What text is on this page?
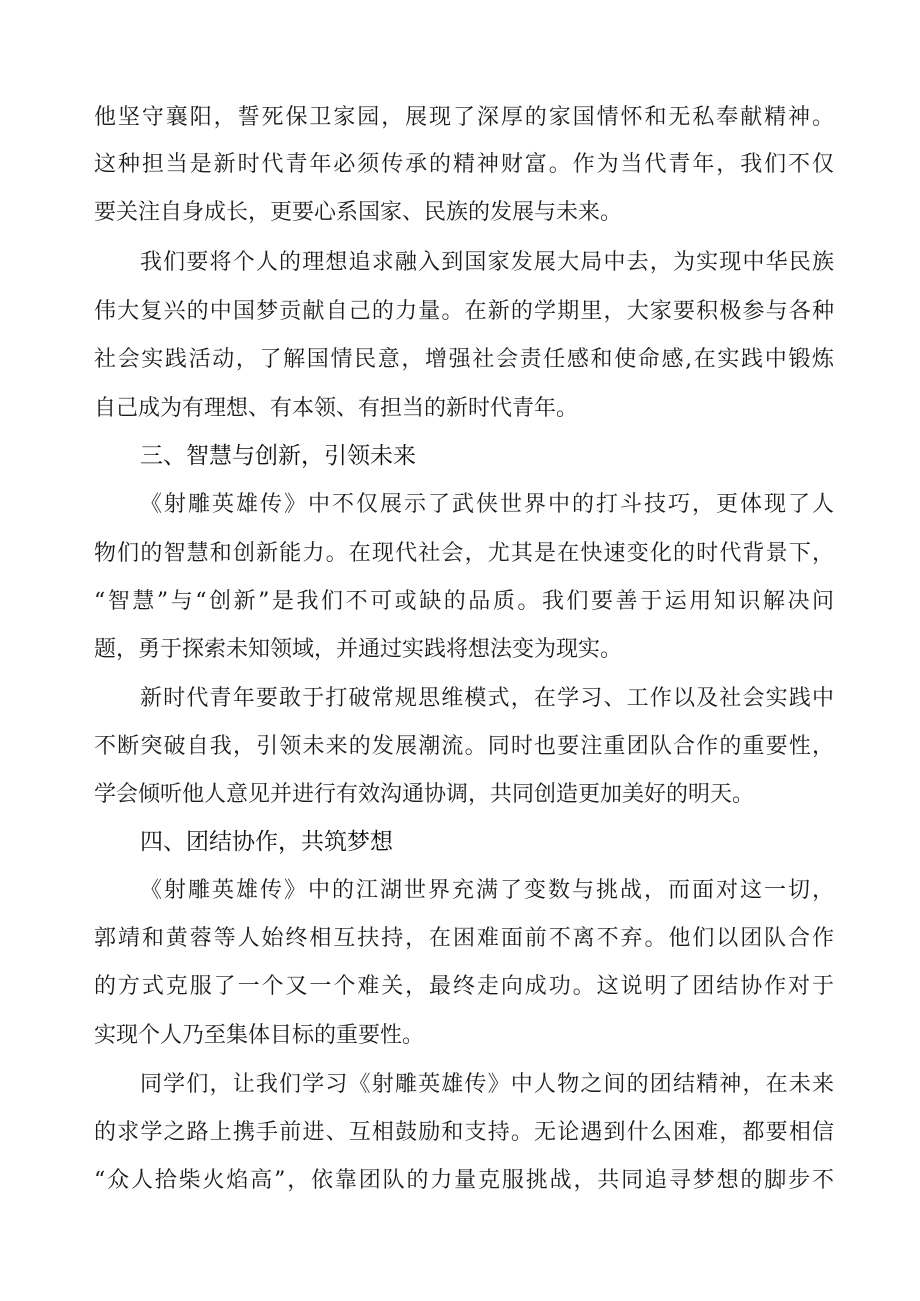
他坚守襄阳，誓死保卫家园，展现了深厚的家国情怀和无私奉献精神。
这种担当是新时代青年必须传承的精神财富。作为当代青年，我们不仅
要关注自身成长，更要心系国家、民族的发展与未来。
我们要将个人的理想追求融入到国家发展大局中去，为实现中华民族
伟大复兴的中国梦贡献自己的力量。在新的学期里，大家要积极参与各种
社会实践活动，了解国情民意，增强社会责任感和使命感,在实践中锻炼
自己成为有理想、有本领、有担当的新时代青年。
三、智慧与创新，引领未来
《射雕英雄传》中不仅展示了武侠世界中的打斗技巧，更体现了人
物们的智慧和创新能力。在现代社会，尤其是在快速变化的时代背景下，
“智慧”与“创新”是我们不可或缺的品质。我们要善于运用知识解决问
题，勇于探索未知领域，并通过实践将想法变为现实。
新时代青年要敢于打破常规思维模式，在学习、工作以及社会实践中
不断突破自我，引领未来的发展潮流。同时也要注重团队合作的重要性，
学会倾听他人意见并进行有效沟通协调，共同创造更加美好的明天。
四、团结协作，共筑梦想
《射雕英雄传》中的江湖世界充满了变数与挑战，而面对这一切，
郭靖和黄蓉等人始终相互扶持，在困难面前不离不弃。他们以团队合作
的方式克服了一个又一个难关，最终走向成功。这说明了团结协作对于
实现个人乃至集体目标的重要性。
同学们，让我们学习《射雕英雄传》中人物之间的团结精神，在未来
的求学之路上携手前进、互相鼓励和支持。无论遇到什么困难，都要相信
“众人拾柴火焰高”，依靠团队的力量克服挑战，共同追寻梦想的脚步不
